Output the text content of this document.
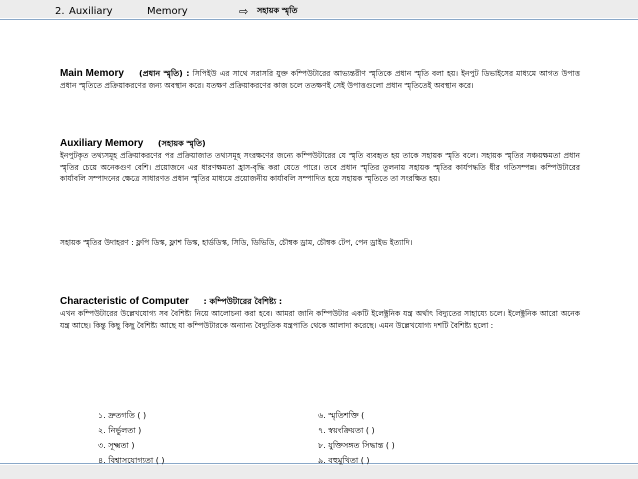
2. Auxiliary	Memory	⇨	সহায়ক স্মৃতি
Main Memory (প্রধান স্মৃতি) : সিপিইউ এর সাথে সরাসরি যুক্ত কম্পিউটারের আভ্যন্তরীণ স্মৃতিকে প্রধান স্মৃতি বলা হয়। ইনপুট ডিভাইসের মাধ্যমে আগত উপাত্ত প্রধান স্মৃতিতে প্রক্রিয়াকরণের জন্য অবস্থান করে। যতক্ষণ প্রক্রিয়াকরণের কাজ চলে ততক্ষণই সেই উপাত্তগুলো প্রধান স্মৃতিতেই অবস্থান করে।
Auxiliary Memory (সহায়ক স্মৃতি)
ইনপুটকৃত তথ্যসমূহ প্রক্রিয়াকরণের পর প্রক্রিয়াজাত তথ্যসমূহ সংরক্ষণের জন্যে কম্পিউটারের যে স্মৃতি ব্যবহৃত হয় তাকে সহায়ক স্মৃতি বলে। সহায়ক স্মৃতির সঞ্চয়ক্ষমতা প্রধান স্মৃতির চেয়ে অনেকগুণ বেশি। প্রয়োজনে এর ধারণক্ষমতা হ্রাস-বৃদ্ধি করা যেতে পারে। তবে প্রধান স্মৃতির তুলনায় সহায়ক স্মৃতির কার্যপদ্ধতি ধীর গতিসম্পন্ন। কম্পিউটারের কার্যাবলি সম্পাদনের ক্ষেত্রে সাধারণত প্রধান স্মৃতির মাধ্যমে প্রয়োজনীয় কার্যাবলি সম্পাদিত হয়ে সহায়ক স্মৃতিতে তা সংরক্ষিত হয়।
সহায়ক স্মৃতির উদাহরণ : ফ্লপি ডিস্ক, ফ্লাশ ডিস্ক, হার্ডডিস্ক, সিডি, ডিভিডি, চৌম্বক ড্রাম, চৌম্বক টেপ, পেন ড্রাইভ ইত্যাদি।
Characteristic of Computer : কম্পিউটারের বৈশিষ্ট্য :
এখন কম্পিউটারের উল্লেখযোগ্য সব বৈশিষ্ট্য নিয়ে আলোচনা করা হবে। আমরা জানি কম্পিউটার একটি ইলেক্ট্রনিক যন্ত্র অর্থাৎ বিদ্যুতের সাহায্যে চলে। ইলেক্ট্রনিক আরো অনেক যন্ত্র আছে। কিন্তু কিছু কিছু বৈশিষ্ট্য আছে যা কম্পিউটারকে অন্যান্য বৈদ্যুতিক যন্ত্রপাতি থেকে আলাদা করেছে। এমন উল্লেখযোগ্য দশটি বৈশিষ্ট্য হলো :
১. দ্রুতগতি ( )	৬. স্মৃতিশক্তি (
২. নির্ভুলতা )	৭. স্বয়ংক্রিয়তা ( )
৩. সূক্ষ্মতা )	৮. যুক্তিসঙ্গত সিদ্ধান্ত ( )
৪. বিশ্বাসযোগ্যতা ( )	৯. বহুমুখিতা ( )
